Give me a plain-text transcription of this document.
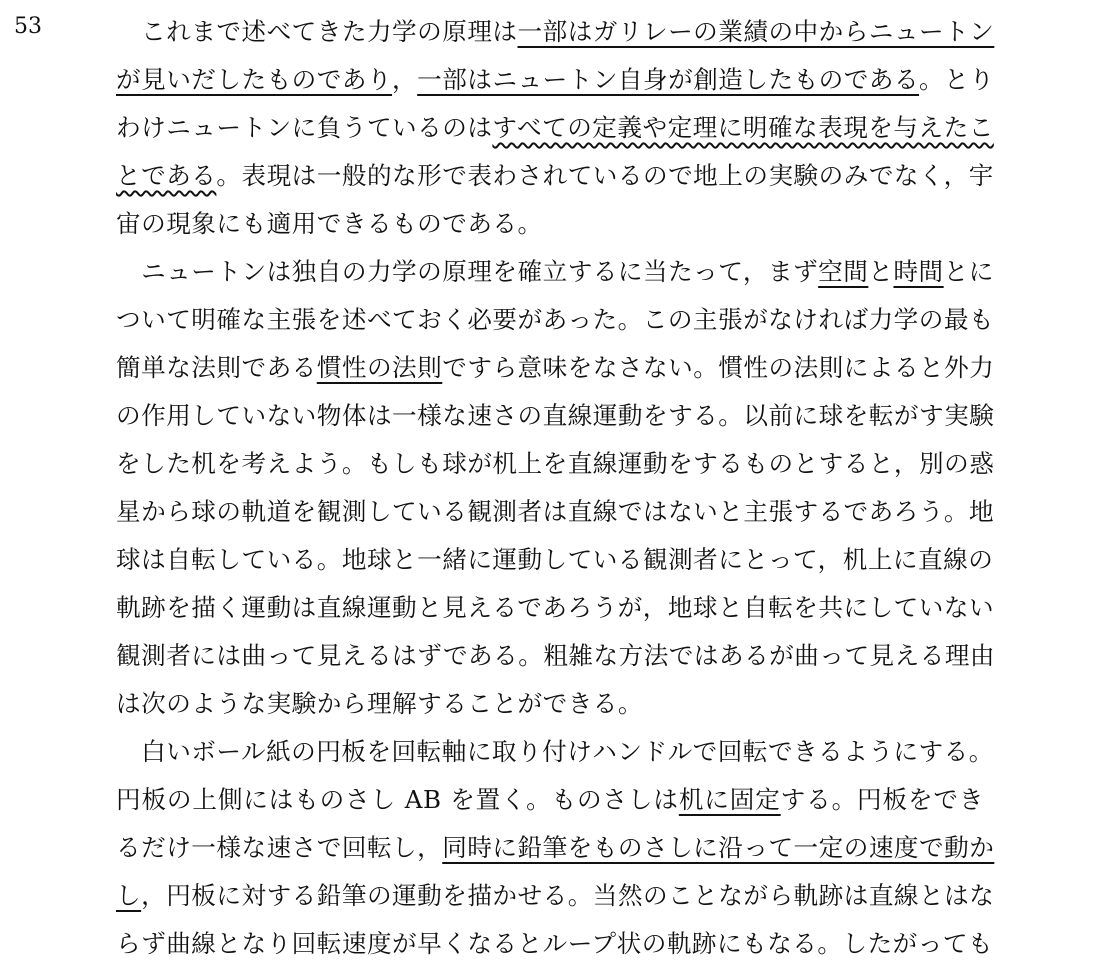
53	　これまで述べてきた力学の原理は一部はガリレーの業績の中からニュートン
が見いだしたものであり，一部はニュートン自身が創造したものである。とり
わけニュートンに負うているのはすべての定義や定理に明確な表現を与えたこ
とである。表現は一般的な形で表わされているので地上の実験のみでなく，宇
宙の現象にも適用できるものである。
　ニュートンは独自の力学の原理を確立するに当たって，まず空間と時間とに
ついて明確な主張を述べておく必要があった。この主張がなければ力学の最も
簡単な法則である慣性の法則ですら意味をなさない。慣性の法則によると外力
の作用していない物体は一様な速さの直線運動をする。以前に球を転がす実験
をした机を考えよう。もしも球が机上を直線運動をするものとすると，別の惑
星から球の軌道を観測している観測者は直線ではないと主張するであろう。地
球は自転している。地球と一緒に運動している観測者にとって，机上に直線の
軌跡を描く運動は直線運動と見えるであろうが，地球と自転を共にしていない
観測者には曲って見えるはずである。粗雑な方法ではあるが曲って見える理由
は次のような実験から理解することができる。
　白いボール紙の円板を回転軸に取り付けハンドルで回転できるようにする。
円板の上側にはものさし AB を置く。ものさしは机に固定する。円板をでき
るだけ一様な速さで回転し，同時に鉛筆をものさしに沿って一定の速度で動か
し，円板に対する鉛筆の運動を描かせる。当然のことながら軌跡は直線とはな
らず曲線となり回転速度が早くなるとループ状の軌跡にもなる。したがっても
